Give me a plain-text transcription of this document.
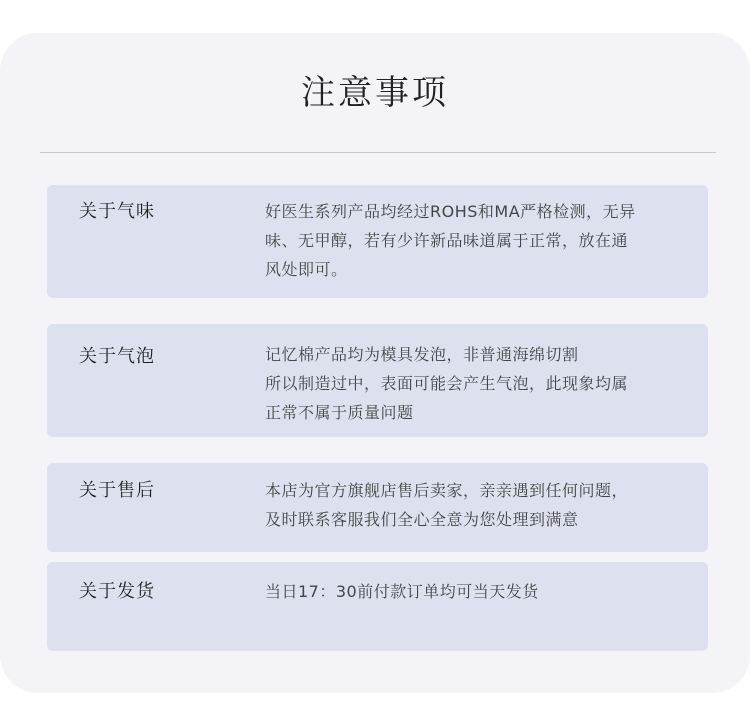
注意事项
关于气味	好医生系列产品均经过ROHS和MA严格检测，无异
味、无甲醇，若有少许新品味道属于正常，放在通
风处即可。
关于气泡	记忆棉产品均为模具发泡，非普通海绵切割
所以制造过中，表面可能会产生气泡，此现象均属
正常不属于质量问题
关于售后	本店为官方旗舰店售后卖家，亲亲遇到任何问题，
及时联系客服我们全心全意为您处理到满意
关于发货	当日17：30前付款订单均可当天发货
